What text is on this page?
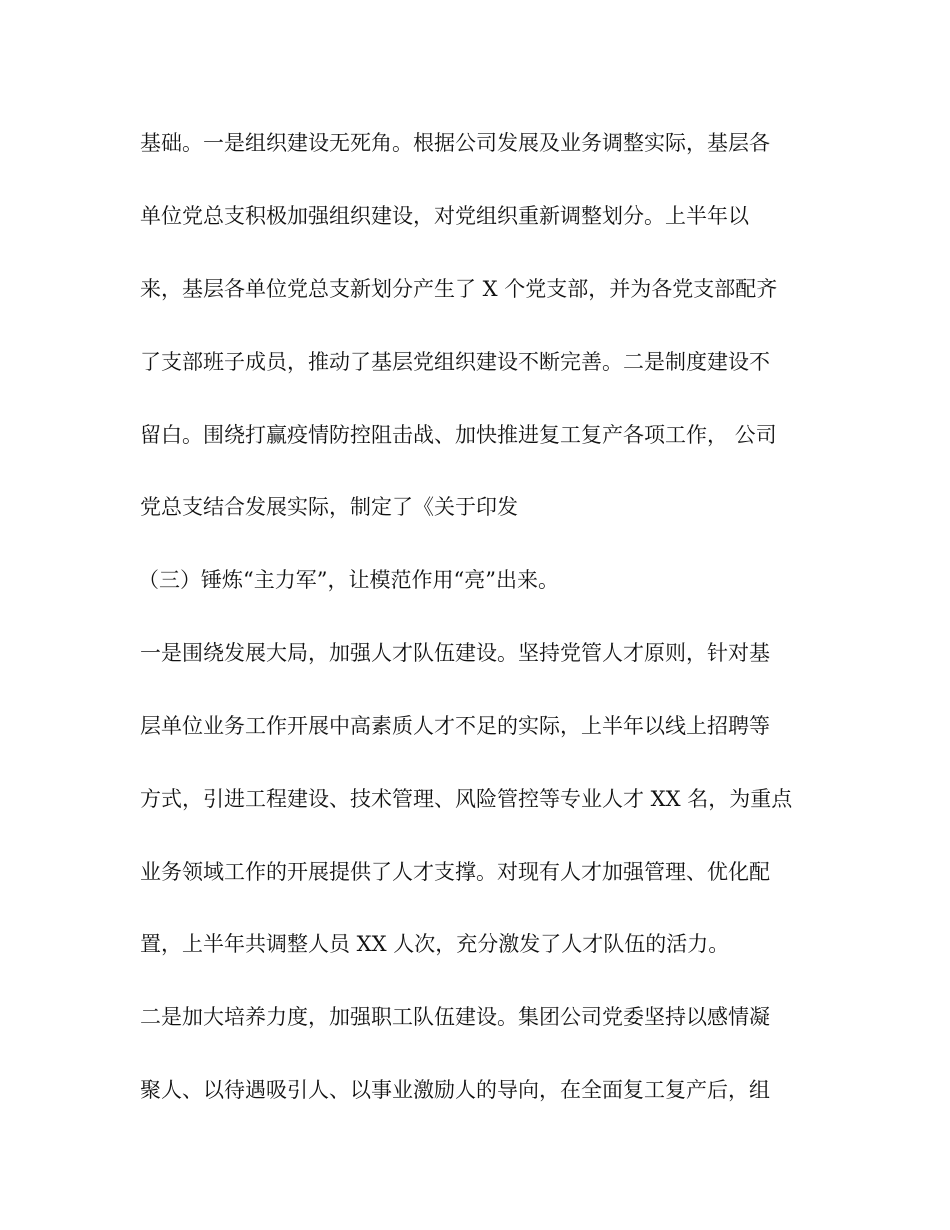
基础。一是组织建设无死角。根据公司发展及业务调整实际，基层各
单位党总支积极加强组织建设，对党组织重新调整划分。上半年以
来，基层各单位党总支新划分产生了 X 个党支部，并为各党支部配齐
了支部班子成员，推动了基层党组织建设不断完善。二是制度建设不
留白。围绕打赢疫情防控阻击战、加快推进复工复产各项工作， 公司
党总支结合发展实际，制定了《关于印发
（三）锤炼“主力军”，让模范作用“亮”出来。
一是围绕发展大局，加强人才队伍建设。坚持党管人才原则，针对基
层单位业务工作开展中高素质人才不足的实际，上半年以线上招聘等
方式，引进工程建设、技术管理、风险管控等专业人才 XX 名，为重点
业务领域工作的开展提供了人才支撑。对现有人才加强管理、优化配
置，上半年共调整人员 XX 人次，充分激发了人才队伍的活力。
二是加大培养力度，加强职工队伍建设。集团公司党委坚持以感情凝
聚人、以待遇吸引人、以事业激励人的导向，在全面复工复产后，组
